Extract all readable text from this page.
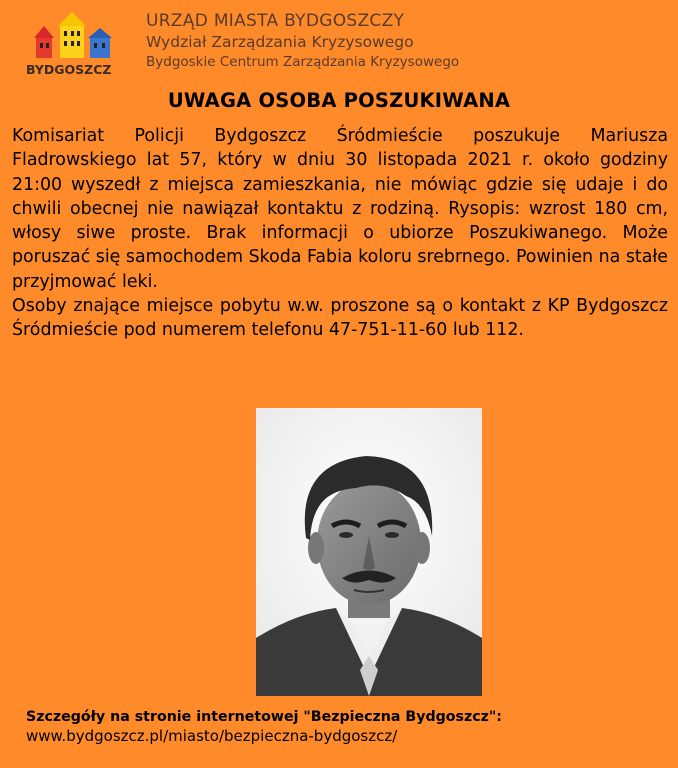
BYDGOSZCZ
URZĄD MIASTA BYDGOSZCZY
Wydział Zarządzania Kryzysowego
Bydgoskie Centrum Zarządzania Kryzysowego
UWAGA OSOBA POSZUKIWANA

Komisariat Policji Bydgoszcz Śródmieście poszukuje Mariusza Fladrowskiego lat 57, który w dniu 30 listopada 2021 r. około godziny 21:00 wyszedł z miejsca zamieszkania, nie mówiąc gdzie się udaje i do chwili obecnej nie nawiązał kontaktu z rodziną. Rysopis: wzrost 180 cm, włosy siwe proste. Brak informacji o ubiorze Poszukiwanego. Może poruszać się samochodem Skoda Fabia koloru srebrnego. Powinien na stałe przyjmować leki.

Osoby znające miejsce pobytu w.w. proszone są o kontakt z KP Bydgoszcz Śródmieście pod numerem telefonu 47-751-11-60 lub 112.

Szczegóły na stronie internetowej "Bezpieczna Bydgoszcz":
www.bydgoszcz.pl/miasto/bezpieczna-bydgoszcz/
